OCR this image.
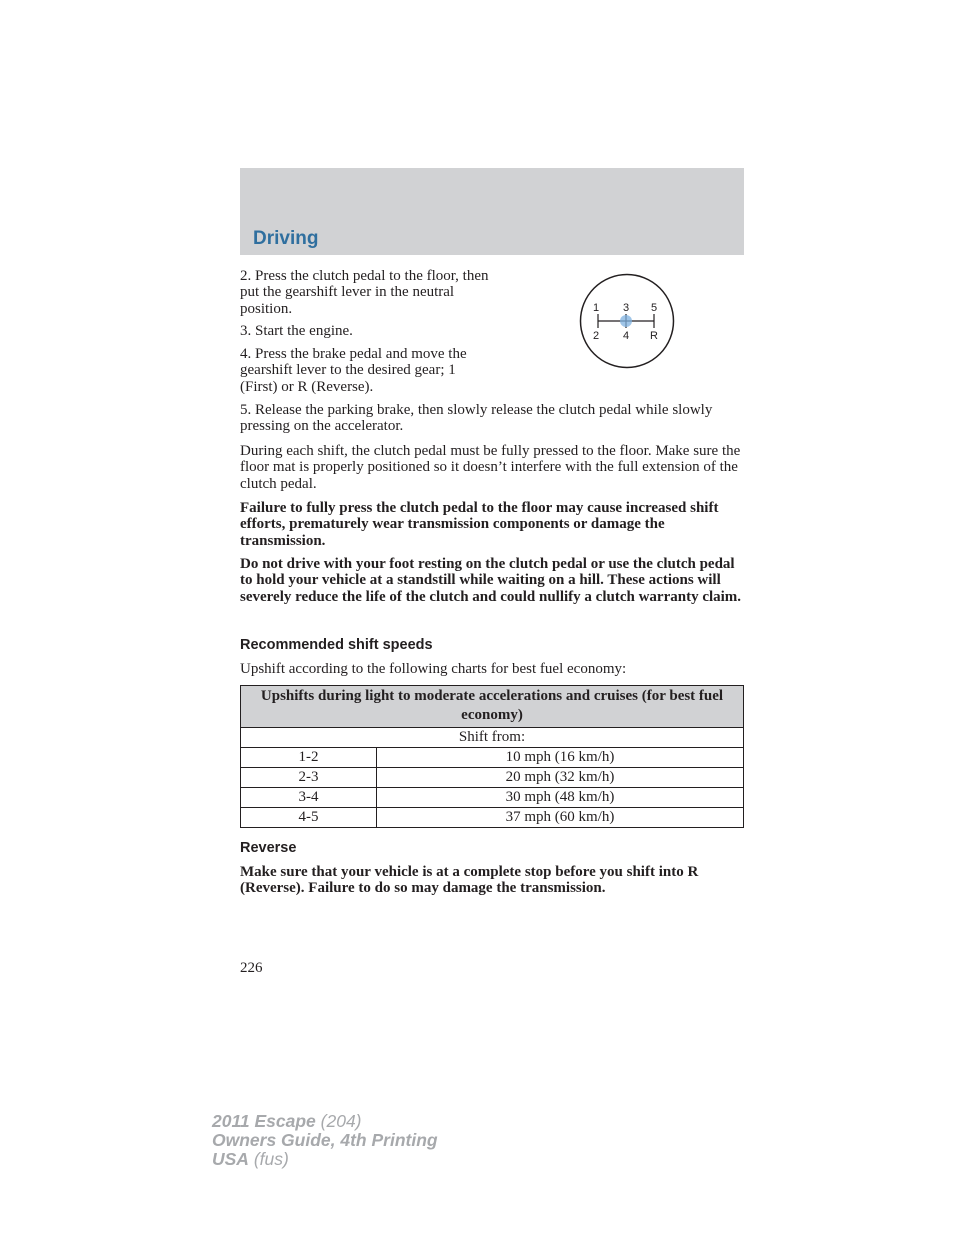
Driving

2. Press the clutch pedal to the floor, then put the gearshift lever in the neutral position.

3. Start the engine.

4. Press the brake pedal and move the gearshift lever to the desired gear; 1 (First) or R (Reverse).

1 3 5
2 4 R

5. Release the parking brake, then slowly release the clutch pedal while slowly pressing on the accelerator.

During each shift, the clutch pedal must be fully pressed to the floor. Make sure the floor mat is properly positioned so it doesn’t interfere with the full extension of the clutch pedal.

Failure to fully press the clutch pedal to the floor may cause increased shift efforts, prematurely wear transmission components or damage the transmission.

Do not drive with your foot resting on the clutch pedal or use the clutch pedal to hold your vehicle at a standstill while waiting on a hill. These actions will severely reduce the life of the clutch and could nullify a clutch warranty claim.

Recommended shift speeds

Upshift according to the following charts for best fuel economy:

Upshifts during light to moderate accelerations and cruises (for best fuel economy)	
Shift from:	
1-2	10 mph (16 km/h)
2-3	20 mph (32 km/h)
3-4	30 mph (48 km/h)
4-5	37 mph (60 km/h)
Reverse

Make sure that your vehicle is at a complete stop before you shift into R (Reverse). Failure to do so may damage the transmission.

226
2011 Escape (204)
Owners Guide, 4th Printing
USA (fus)
